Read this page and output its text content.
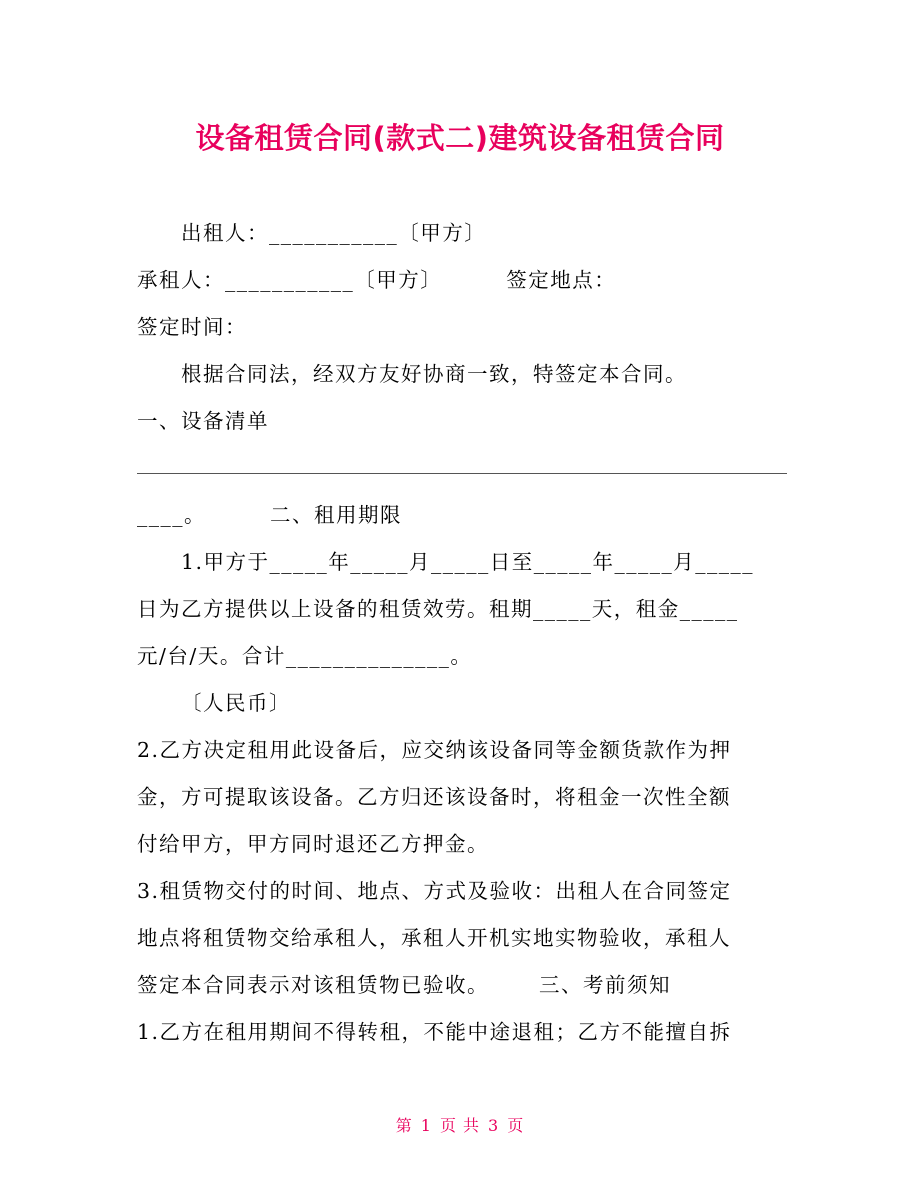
设备租赁合同(款式二)建筑设备租赁合同
出租人：___________〔甲方〕
承租人：___________〔甲方〕	签定地点：
签定时间：
根据合同法，经双方友好协商一致，特签定本合同。
一、设备清单
____。	二、租用期限
1.甲方于_____年_____月_____日至_____年_____月_____
日为乙方提供以上设备的租赁效劳。租期_____天，租金_____
元/台/天。合计______________。
〔人民币〕
2.乙方决定租用此设备后，应交纳该设备同等金额货款作为押
金，方可提取该设备。乙方归还该设备时，将租金一次性全额
付给甲方，甲方同时退还乙方押金。
3.租赁物交付的时间、地点、方式及验收：出租人在合同签定
地点将租赁物交给承租人，承租人开机实地实物验收，承租人
签定本合同表示对该租赁物已验收。 三、考前须知
1.乙方在租用期间不得转租，不能中途退租；乙方不能擅自拆
第 1 页 共 3 页
